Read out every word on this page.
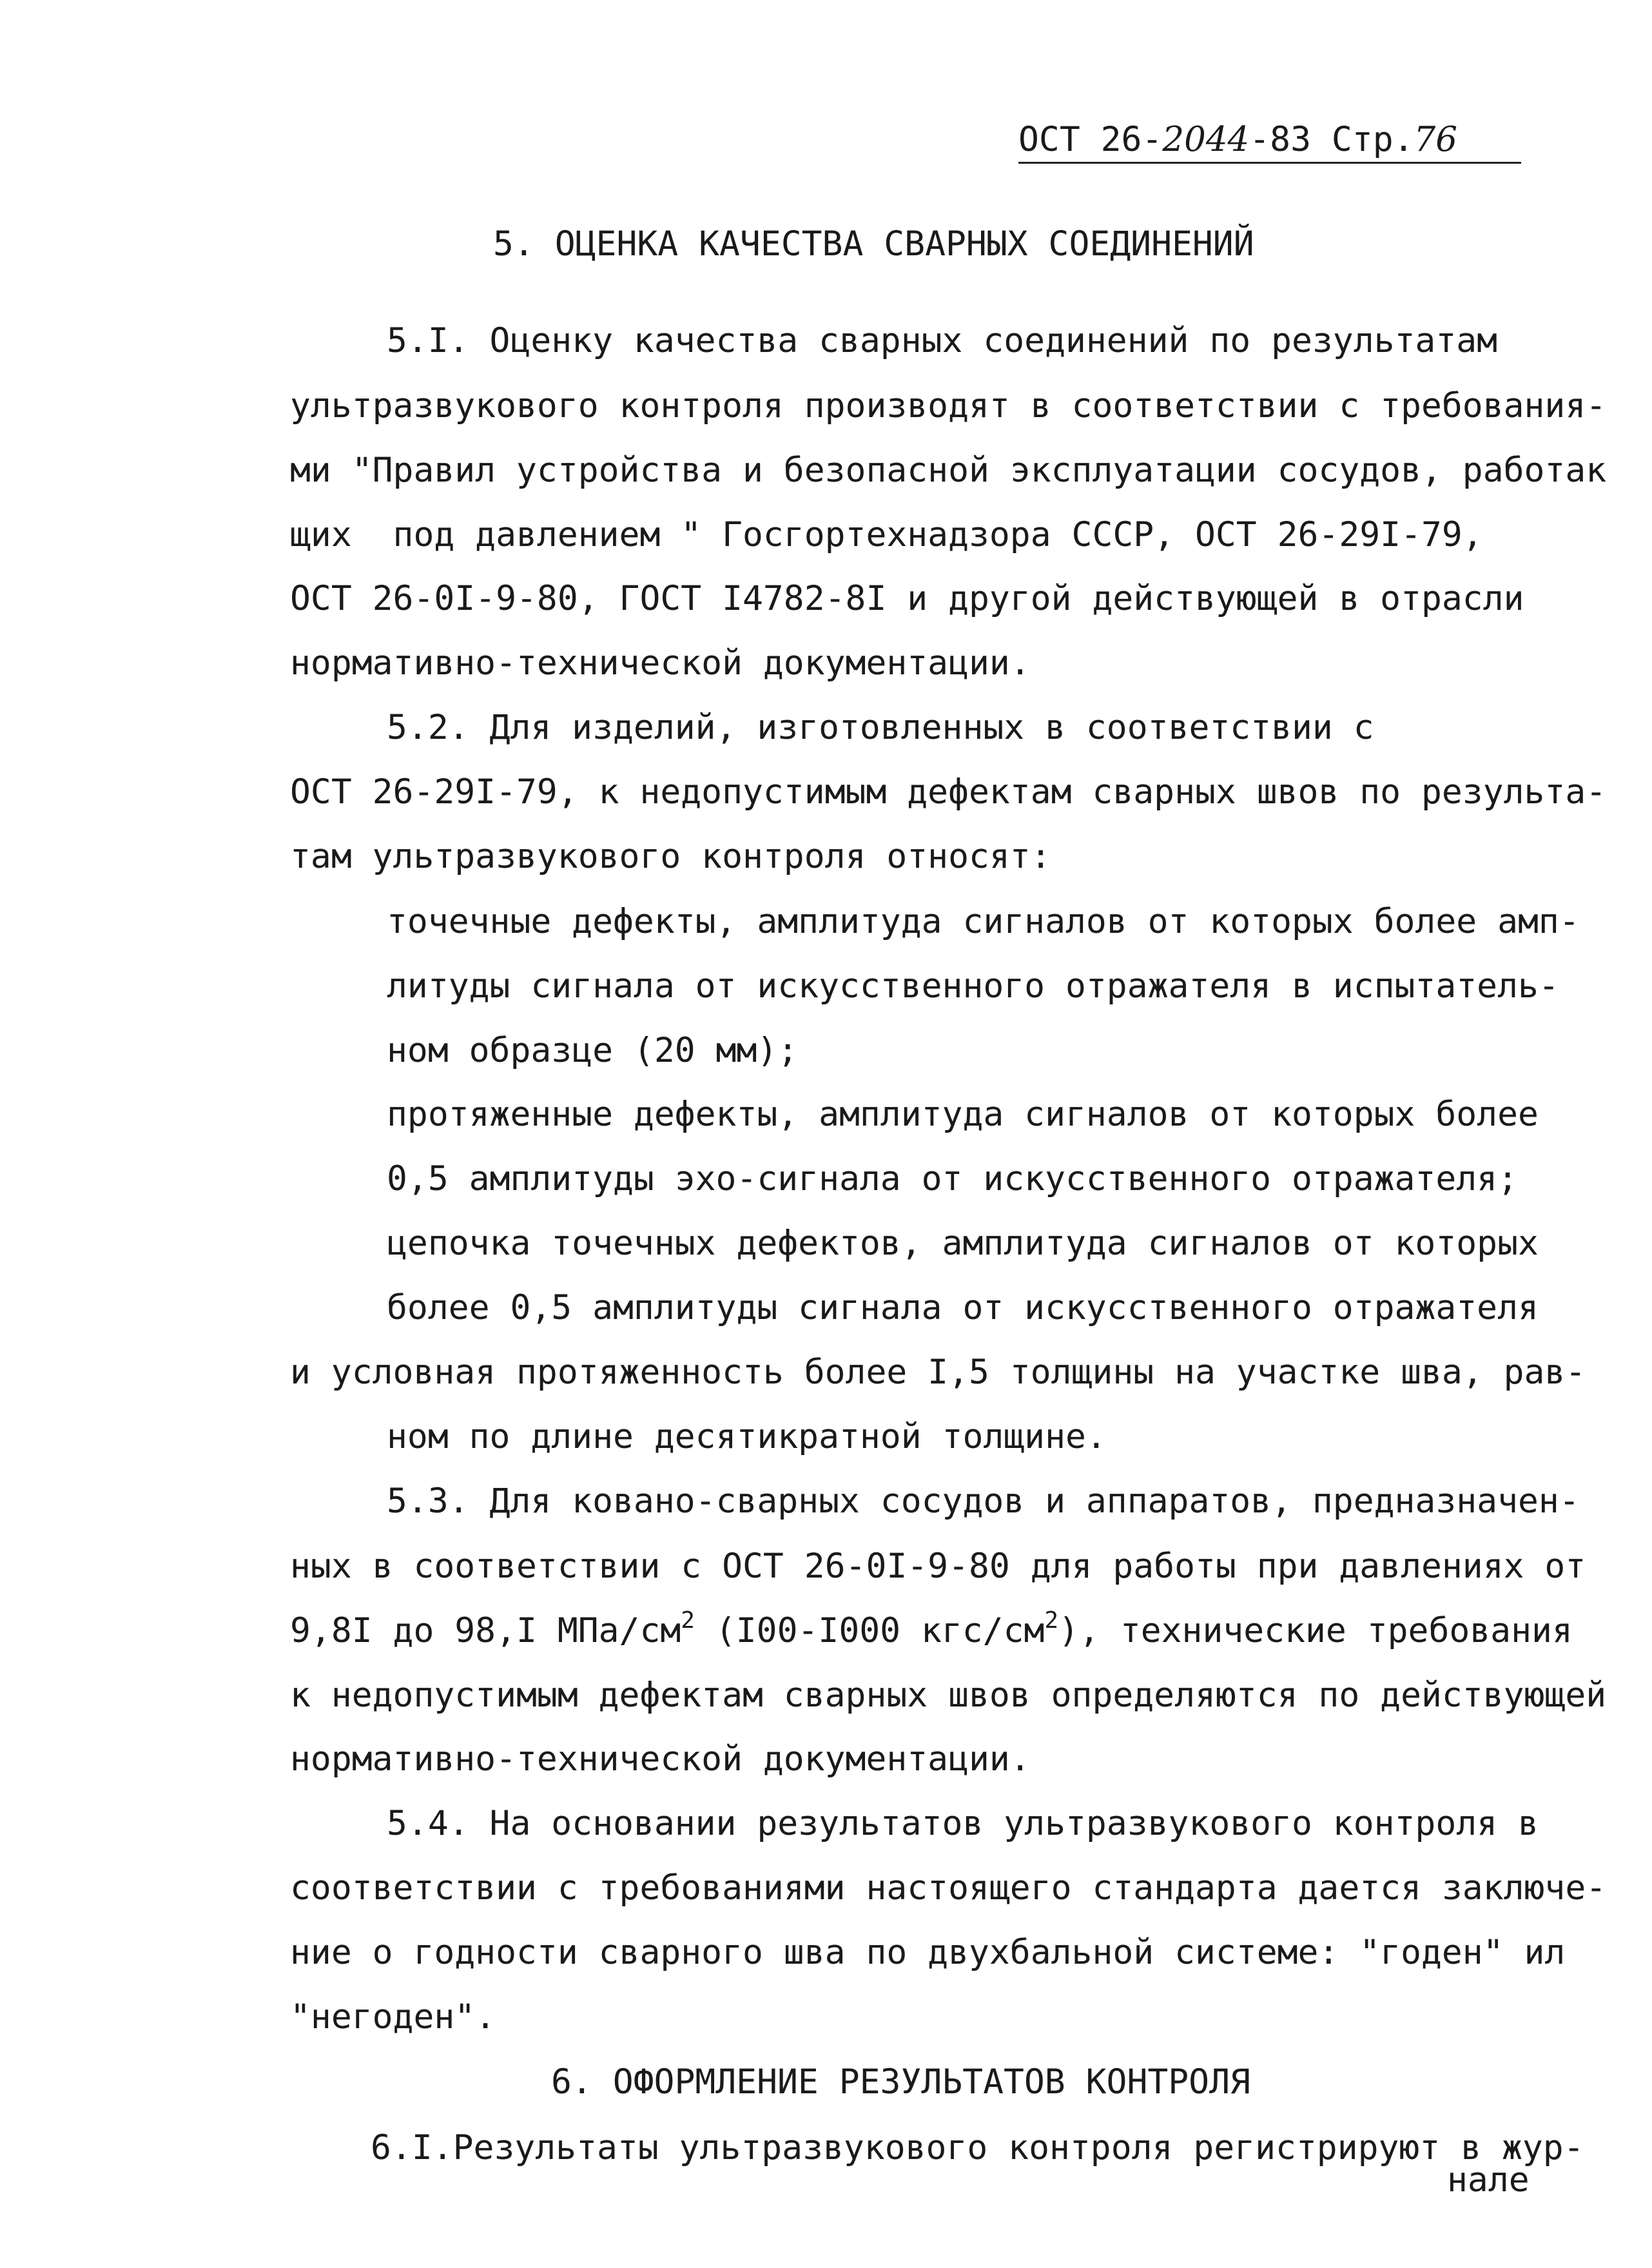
ОСТ 26-2044-83 Стр.76
5. ОЦЕНКА КАЧЕСТВА СВАРНЫХ СОЕДИНЕНИЙ

5.I. Оценку качества сварных соединений по результатам

ультразвукового контроля производят в соответствии с требования-

ми "Правил устройства и безопасной эксплуатации сосудов, работак

щих  под давлением " Госгортехнадзора СССР, ОСТ 26-29I-79,

ОСТ 26-0I-9-80, ГОСТ I4782-8I и другой действующей в отрасли

нормативно-технической документации.

5.2. Для изделий, изготовленных в соответствии с

ОСТ 26-29I-79, к недопустимым дефектам сварных швов по результа-

там ультразвукового контроля относят:

точечные дефекты, амплитуда сигналов от которых более амп-

литуды сигнала от искусственного отражателя в испытатель-

ном образце (20 мм);

протяженные дефекты, амплитуда сигналов от которых более

0,5 амплитуды эхо-сигнала от искусственного отражателя;

цепочка точечных дефектов, амплитуда сигналов от которых

более 0,5 амплитуды сигнала от искусственного отражателя

и условная протяженность более I,5 толщины на участке шва, рав-

ном по длине десятикратной толщине.

5.3. Для ковано-сварных сосудов и аппаратов, предназначен-

ных в соответствии с ОСТ 26-0I-9-80 для работы при давлениях от

9,8I до 98,I МПа/$см^2$ (I00-I000 кгс/$см^2$), технические требования

к недопустимым дефектам сварных швов определяются по действующей

нормативно-технической документации.

5.4. На основании результатов ультразвукового контроля в

соответствии с требованиями настоящего стандарта дается заключе-

ние о годности сварного шва по двухбальной системе: "годен" ил

"негоден".

6. ОФОРМЛЕНИЕ РЕЗУЛЬТАТОВ КОНТРОЛЯ

6.I.Результаты ультразвукового контроля регистрируют в жур-

нале
